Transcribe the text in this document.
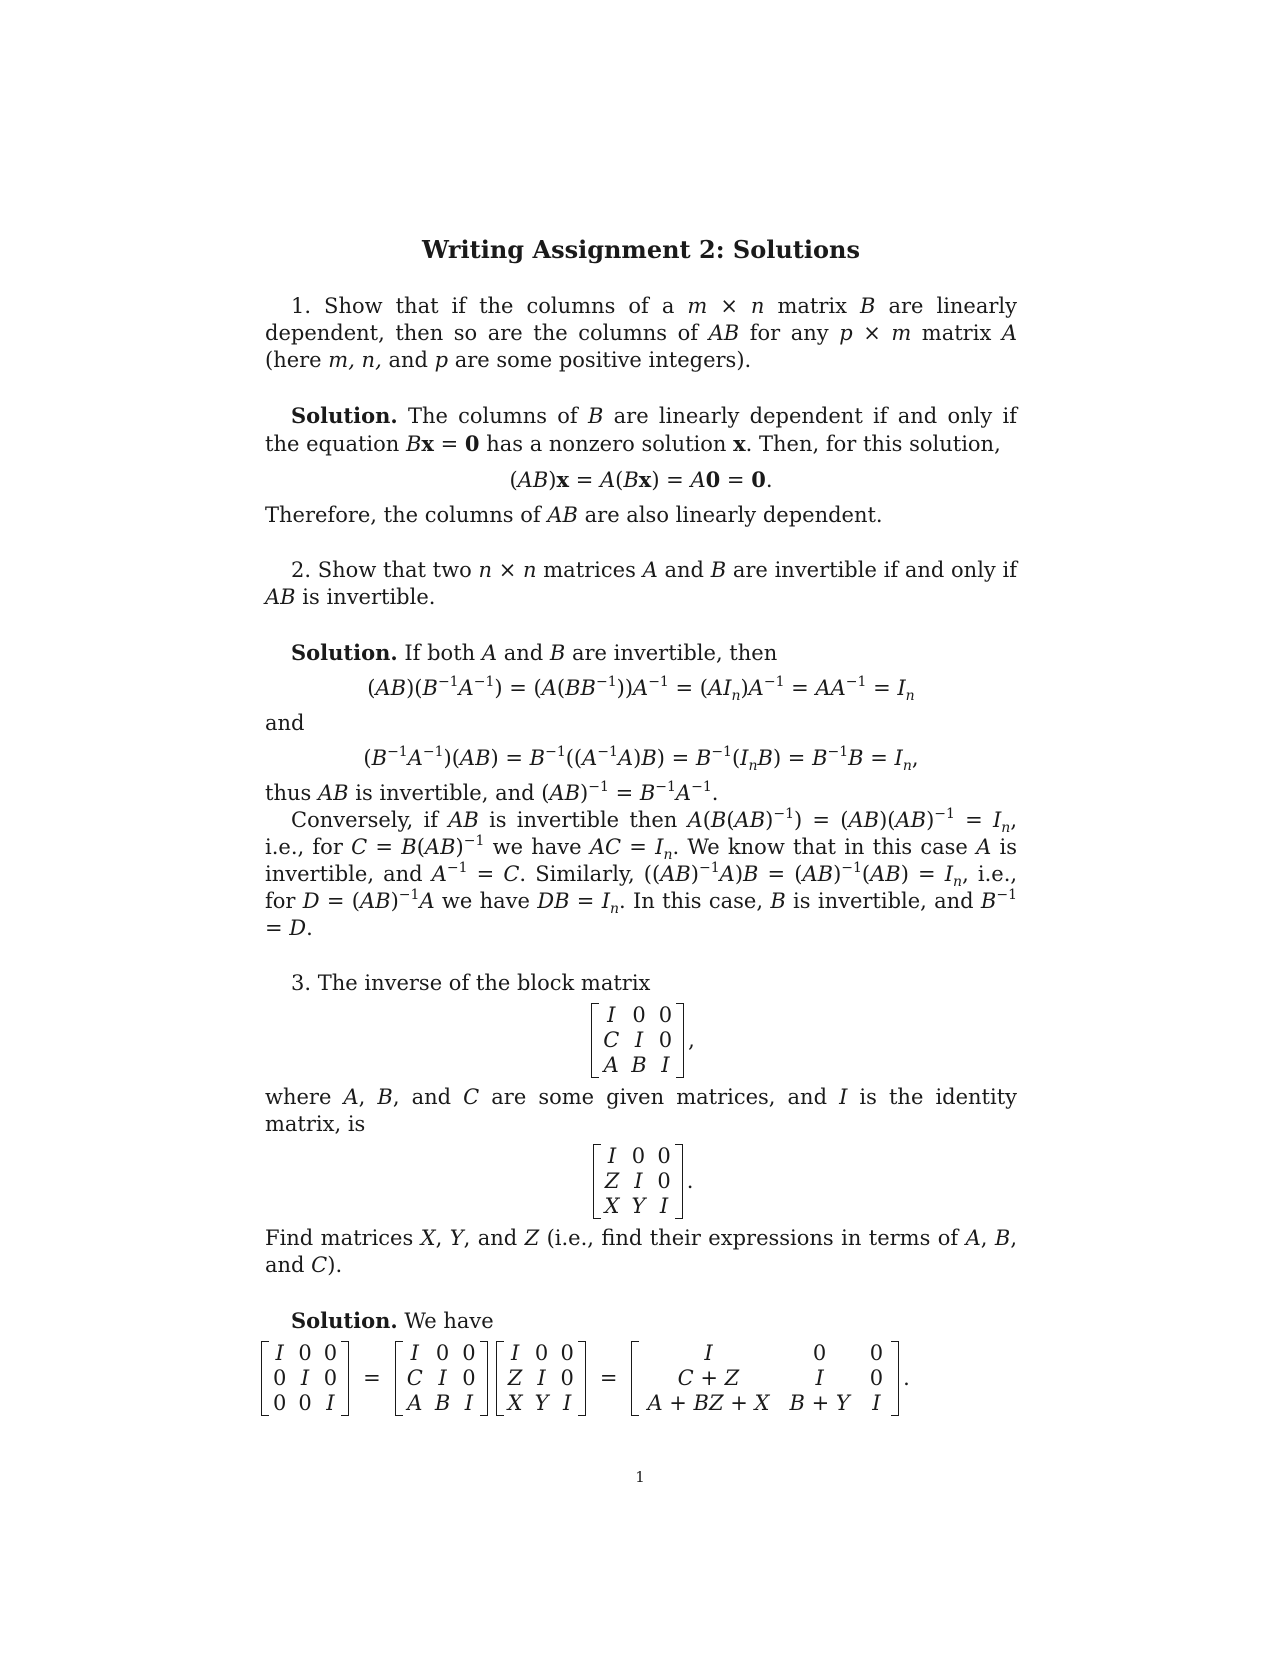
Writing Assignment 2: Solutions

1. Show that if the columns of a m × n matrix B are linearly dependent, then so are the columns of AB for any p × m matrix A (here m, n, and p are some positive integers).

Solution. The columns of B are linearly dependent if and only if the equation Bx = 0 has a nonzero solution x. Then, for this solution,

(AB)x = A(Bx) = A0 = 0.

Therefore, the columns of AB are also linearly dependent.

2. Show that two n × n matrices A and B are invertible if and only if AB is invertible.

Solution. If both A and B are invertible, then

$(AB)(B^{-1}A^{-1}) = (A(BB^{-1}))A^{-1} = (AI_n)A^{-1} = AA^{-1} = I_n$

and

$(B^{-1}A^{-1})(AB) = B^{-1}((A^{-1}A)B) = B^{-1}(I_nB) = B^{-1}B = I_n$,

thus AB is invertible, and $(AB)^{-1} = B^{-1}A^{-1}$.

Conversely, if AB is invertible then $A(B(AB)^{-1}) = (AB)(AB)^{-1} = I_n$, i.e., for C = B(AB)$^{-1}$ we have AC = $I_n$. We know that in this case A is invertible, and $A^{-1} = C$. Similarly, $((AB)^{-1}A)B = (AB)^{-1}(AB) = I_n$, i.e., for D = (AB)$^{-1}$A we have DB = $I_n$. In this case, B is invertible, and $B^{-1} = D$.

3. The inverse of the block matrix

I	0	0
C	I	0
A	B	I
,

where A, B, and C are some given matrices, and I is the identity matrix, is

I	0	0
Z	I	0
X	Y	I
.

Find matrices X, Y, and Z (i.e., find their expressions in terms of A, B, and C).

Solution. We have

I	0	0
0	I	0
0	0	I
=
I	0	0
C	I	0
A	B	I
I	0	0
Z	I	0
X	Y	I
=
I	0	0
C + Z	I	0
A + BZ + X	B + Y	I
.
1
